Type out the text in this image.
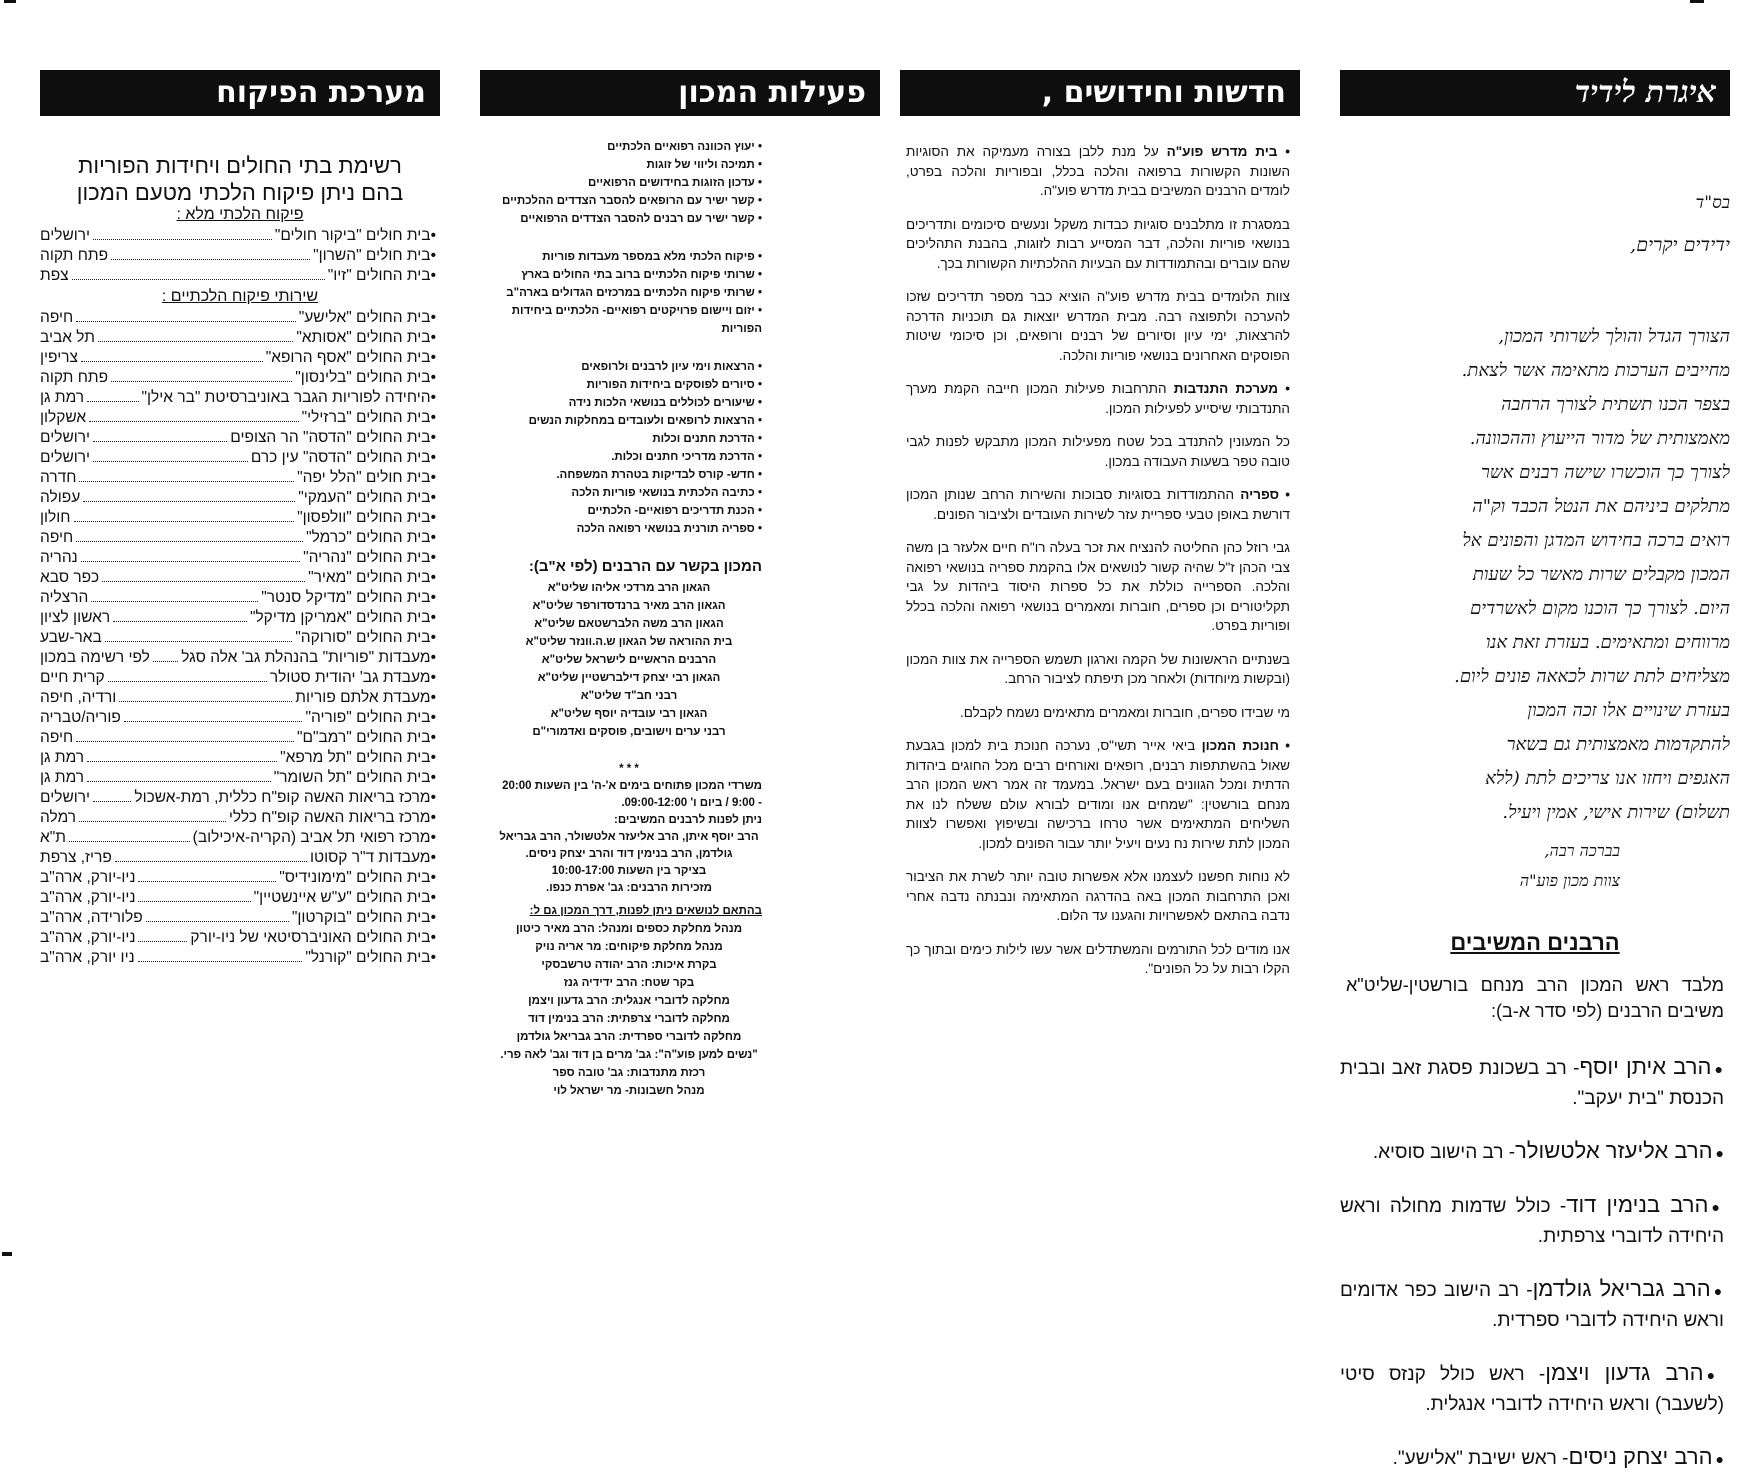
איגרת לידיד
בס"ד
ידידים יקרים,
הצורך הגדל והולך לשרותי המכון,
מחייבים הערכות מתאימה אשר לצאת.
בצפר הכנו תשתית לצורך הרחבה
מאמצותית של מדור הייעוץ וההכוונה.
לצורך כך הוכשרו שישה רבנים אשר
מתלקים ביניהם את הנטל הכבד וק"ה
רואים ברכה בחידוש המדגן והפונים אל
המכון מקבלים שרות מאשר כל שעות
היום. לצורך כך הוכנו מקום לאשרדים
מרווחים ומתאימים. בעזרת זאת אנו
מצליחים לתת שרות לכאאה פונים ליום.
בעזרת שינויים אלו זכה המכון
להתקדמות מאמצותית גם בשאר
האגפים ויחזו אנו צריכים לתת (ללא
תשלום) שירות אישי, אמין ויעיל.
בברכה רבה,
צוות מכון פוע"ה
הרבנים המשיבים
מלבד ראש המכון הרב מנחם בורשטין-שליט"א משיבים הרבנים (לפי סדר א-ב):
●הרב איתן יוסף- רב בשכונת פסגת זאב ובבית הכנסת "בית יעקב".
●הרב אליעזר אלטשולר- רב הישוב סוסיא.
●הרב בנימין דוד- כולל שדמות מחולה וראש היחידה לדוברי צרפתית.
●הרב גבריאל גולדמן- רב הישוב כפר אדומים וראש היחידה לדוברי ספרדית.
●הרב גדעון ויצמן- ראש כולל קנזס סיטי (לשעבר) וראש היחידה לדוברי אנגלית.
●הרב יצחק ניסים- ראש ישיבת "אלישע".
חדשות וחידושים ,

• בית מדרש פוע"ה על מנת ללבן בצורה מעמיקה את הסוגיות השונות הקשורות ברפואה והלכה בכלל, ובפוריות והלכה בפרט, לומדים הרבנים המשיבים בבית מדרש פוע"ה.

במסגרת זו מתלבנים סוגיות כבדות משקל ונעשים סיכומים ותדריכים בנושאי פוריות והלכה, דבר המסייע רבות לזוגות, בהבנת התהליכים שהם עוברים ובהתמודדות עם הבעיות ההלכתיות הקשורות בכך.

צוות הלומדים בבית מדרש פוע"ה הוציא כבר מספר תדריכים שזכו להערכה ולתפוצה רבה. מבית המדרש יוצאות גם תוכניות הדרכה להרצאות, ימי עיון וסיורים של רבנים ורופאים, וכן סיכומי שיטות הפוסקים האחרונים בנושאי פוריות והלכה.

• מערכת התנדבות התרחבות פעילות המכון חייבה הקמת מערך התנדבותי שיסייע לפעילות המכון.

כל המעונין להתנדב בכל שטח מפעילות המכון מתבקש לפנות לגבי טובה טפר בשעות העבודה במכון.

• ספריה ההתמודדות בסוגיות סבוכות והשירות הרחב שנותן המכון דורשת באופן טבעי ספריית עזר לשירות העובדים ולציבור הפונים.

גבי רוזל כהן החליטה להנציח את זכר בעלה רו"ח חיים אלעזר בן משה צבי הכהן ז"ל שהיה קשור לנושאים אלו בהקמת ספריה בנושאי רפואה והלכה. הספרייה כוללת את כל ספרות היסוד ביהדות על גבי תקליטורים וכן ספרים, חוברות ומאמרים בנושאי רפואה והלכה בכלל ופוריות בפרט.

בשנתיים הראשונות של הקמה וארגון תשמש הספרייה את צוות המכון (ובקשות מיוחדות) ולאחר מכן תיפתח לציבור הרחב.

מי שבידו ספרים, חוברות ומאמרים מתאימים נשמח לקבלם.

• חנוכת המכון ביאי אייר תשי"ס, נערכה חנוכת בית למכון בגבעת שאול בהשתתפות רבנים, רופאים ואורחים רבים מכל החוגים ביהדות הדתית ומכל הגוונים בעם ישראל. במעמד זה אמר ראש המכון הרב מנחם בורשטין: "שמחים אנו ומודים לבורא עולם ששלח לנו את השליחים המתאימים אשר טרחו ברכישה ובשיפוץ ואפשרו לצוות המכון לתת שירות נח נעים ויעיל יותר עבור הפונים למכון.

לא נוחות חפשנו לעצמנו אלא אפשרות טובה יותר לשרת את הציבור ואכן התרחבות המכון באה בהדרגה המתאימה ונבנתה נדבה אחרי נדבה בהתאם לאפשרויות והגענו עד הלום.

אנו מודים לכל התורמים והמשתדלים אשר עשו לילות כימים ובתוך כך הקלו רבות על כל הפונים".

פעילות המכון
• יעוץ הכוונה רפואיים הלכתיים
• תמיכה וליווי של זוגות
• עדכון הזוגות בחידושים הרפואיים
• קשר ישיר עם הרופאים להסבר הצדדים ההלכתיים
• קשר ישיר עם רבנים להסבר הצדדים הרפואיים
• פיקוח הלכתי מלא במספר מעבדות פוריות
• שרותי פיקוח הלכתיים ברוב בתי החולים בארץ
• שרותי פיקוח הלכתיים במרכזים הגדולים בארה"ב
• יזום ויישום פרויקטים רפואיים- הלכתיים ביחידות הפוריות
• הרצאות וימי עיון לרבנים ולרופאים
• סיורים לפוסקים ביחידות הפוריות
• שיעורים לכוללים בנושאי הלכות נידה
• הרצאות לרופאים ולעובדים במחלקות הנשים
• הדרכת חתנים וכלות
• הדרכת מדריכי חתנים וכלות.
• חדש- קורס לבדיקות בטהרת המשפחה.
• כתיבה הלכתית בנושאי פוריות הלכה
• הכנת תדריכים רפואיים- הלכתיים
• ספריה תורנית בנושאי רפואה הלכה
המכון בקשר עם הרבנים (לפי א"ב):
הגאון הרב מרדכי אליהו שליט"א
הגאון הרב מאיר ברנדסדורפר שליט"א
הגאון הרב משה הלברשטאם שליט"א
בית ההוראה של הגאון ש.ה.וונזר שליט"א
הרבנים הראשיים לישראל שליט"א
הגאון רבי יצחק דילברשטיין שליט"א
רבני חב"ד שליט"א
הגאון רבי עובדיה יוסף שליט"א
רבני ערים וישובים, פוסקים ואדמורי"ם

* * *

משרדי המכון פתוחים בימים א'-ה' בין השעות 20:00 - 9:00 / ביום ו' 09:00-12:00.

ניתן לפנות לרבנים המשיבים:

הרב יוסף איתן, הרב אליעזר אלטשולר, הרב גבריאל גולדמן, הרב בנימין דוד והרב יצחק ניסים.

בציקר בין השעות 10:00-17:00

מזכירות הרבנים: גב' אפרת כנפו.

בהתאם לנושאים ניתן לפנות, דרך המכון גם ל:

מנהל מחלקת כספים ומנהל: הרב מאיר כיטון
מנהל מחלקת פיקוחים: מר אריה נויק
בקרת איכות: הרב יהודה טרשבסקי
בקר שטח: הרב ידידיה גנז
מחלקה לדוברי אנגלית: הרב גדעון ויצמן
מחלקה לדוברי צרפתית: הרב בנימין דוד
מחלקה לדוברי ספרדית: הרב גבריאל גולדמן
"נשים למען פוע"ה": גב' מרים בן דוד וגב' לאה פרי.
רכזת מתנדבות: גב' טובה ספר
מנהל חשבונות- מר ישראל לוי
מערכת הפיקוח
רשימת בתי החולים ויחידות הפוריות
בהם ניתן פיקוח הלכתי מטעם המכון
פיקוח הלכתי מלא :
• בית חולים "ביקור חולים"
ירושלים
• בית חולים "השרון"
פתח תקוה
• בית החולים "זיו"
צפת
שירותי פיקוח הלכתיים :
• בית החולים "אלישע"
חיפה
• בית החולים "אסותא"
תל אביב
• בית החולים "אסף הרופא"
צריפין
• בית החולים "בלינסון"
פתח תקוה
• היחידה לפוריות הגבר באוניברסיטת "בר אילן"
רמת גן
• בית החולים "ברזילי"
אשקלון
• בית החולים "הדסה" הר הצופים
ירושלים
• בית החולים "הדסה" עין כרם
ירושלים
• בית חולים "הלל יפה"
חדרה
• בית החולים "העמקי"
עפולה
• בית החולים "וולפסון"
חולון
• בית החולים "כרמל"
חיפה
• בית החולים "נהריה"
נהריה
• בית החולים "מאיר"
כפר סבא
• בית החולים "מדיקל סנטר"
הרצליה
• בית החולים "אמריקן מדיקל"
ראשון לציון
• בית החולים "סורוקה"
באר-שבע
• מעבדות "פוריות" בהנהלת גב' אלה סגל
לפי רשימה במכון
• מעבדת גב' יהודית סטולר
קרית חיים
• מעבדת אלתם פוריות
ורדיה, חיפה
• בית החולים "פוריה"
פוריה/טבריה
• בית החולים "רמב"ם"
חיפה
• בית החולים "תל מרפא"
רמת גן
• בית החולים "תל השומר"
רמת גן
• מרכז בריאות האשה קופ"ח כללית, רמת-אשכול
ירושלים
• מרכז בריאות האשה קופ"ח כללי
רמלה
• מרכז רפואי תל אביב (הקריה-איכילוב)
ת"א
• מעבדות ד"ר קסוטו
פריז, צרפת
• בית החולים "מימונידיס"
ניו-יורק, ארה"ב
• בית החולים "ע"ש איינשטיין"
ניו-יורק, ארה"ב
• בית החולים "בוקרטון"
פלורידה, ארה"ב
• בית החולים האוניברסיטאי של ניו-יורק
ניו-יורק, ארה"ב
• בית החולים "קורנל"
ניו יורק, ארה"ב
